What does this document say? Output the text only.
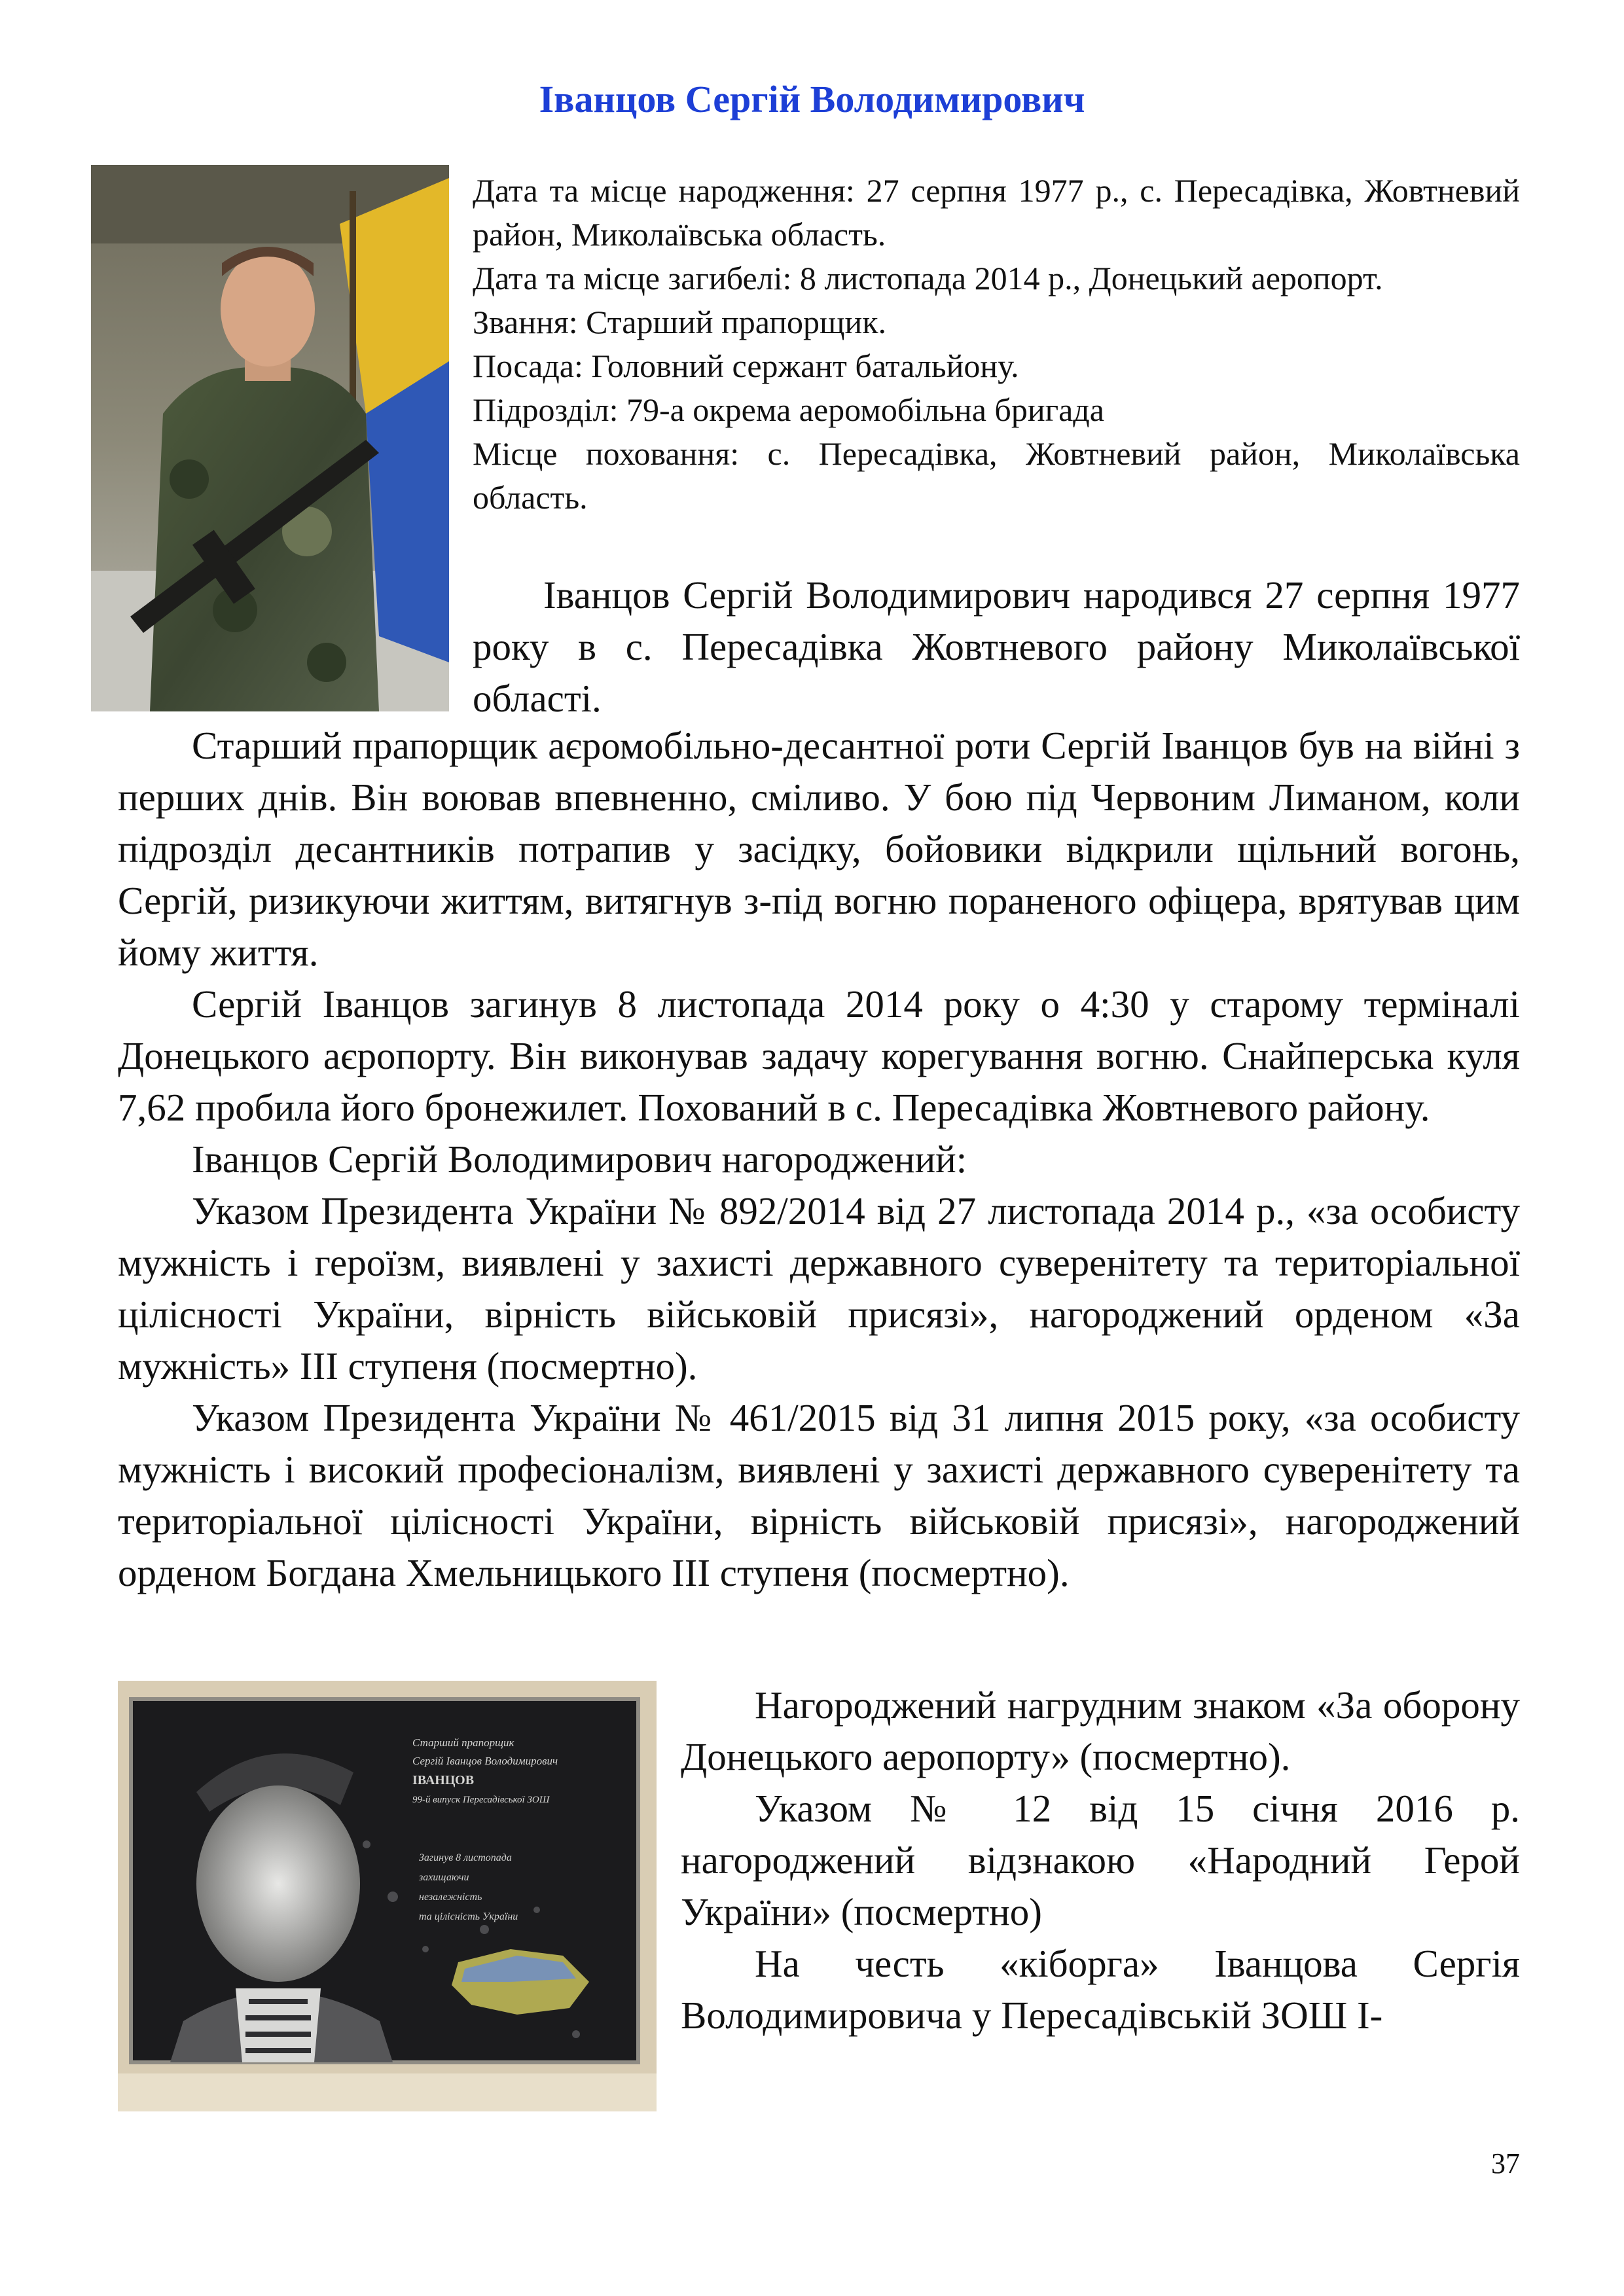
Іванцов Сергій Володимирович

Дата та місце народження: 27 серпня 1977 р., с. Пересадівка, Жовтневий район, Миколаївська область.

Дата та місце загибелі: 8 листопада 2014 р., Донецький аеропорт.

Звання: Старший прапорщик.

Посада: Головний сержант батальйону.

Підрозділ: 79-а окрема аеромобільна бригада

Місце поховання: с. Пересадівка, Жовтневий район, Миколаївська область.

Іванцов Сергій Володимирович народився 27 серпня 1977 року в с. Пересадівка Жовтневого району Миколаївської області.

Старший прапорщик аєромобільно-десантної роти Сергій Іванцов був на війні з перших днів. Він воював впевненно, сміливо. У бою під Червоним Лиманом, коли підрозділ десантників потрапив у засідку, бойовики відкрили щільний вогонь, Сергій, ризикуючи життям, витягнув з-під вогню пораненого офіцера, врятував цим йому життя.

Сергій Іванцов загинув 8 листопада 2014 року о 4:30 у старому терміналі Донецького аєропорту. Він виконував задачу корегування вогню. Снайперська куля 7,62 пробила його бронежилет. Похований в с. Пересадівка Жовтневого району.

Іванцов Сергій Володимирович нагороджений:

Указом Президента України № 892/2014 від 27 листопада 2014 р., «за особисту мужність і героїзм, виявлені у захисті державного суверенітету та територіальної цілісності України, вірність військовій присязі», нагороджений орденом «За мужність» III ступеня (посмертно).

Указом Президента України № 461/2015 від 31 липня 2015 року, «за особисту мужність і високий професіоналізм, виявлені у захисті державного суверенітету та територіальної цілісності України, вірність військовій присязі», нагороджений орденом Богдана Хмельницького III ступеня (посмертно).

Старший прапорщик
Сергій Іванцов Володимирович
ІВАНЦОВ
99-й випуск Пересадівської ЗОШ
Загинув 8 листопада
захищаючи
незалежність
та цілісність України

Нагороджений нагрудним знаком «За оборону Донецького аеропорту» (посмертно).

Указом № 12 від 15 січня 2016 р. нагороджений відзнакою «Народний Герой України» (посмертно)

На честь «кіборга» Іванцова Сергія Володимировича у Пересадівській ЗОШ І-

37
